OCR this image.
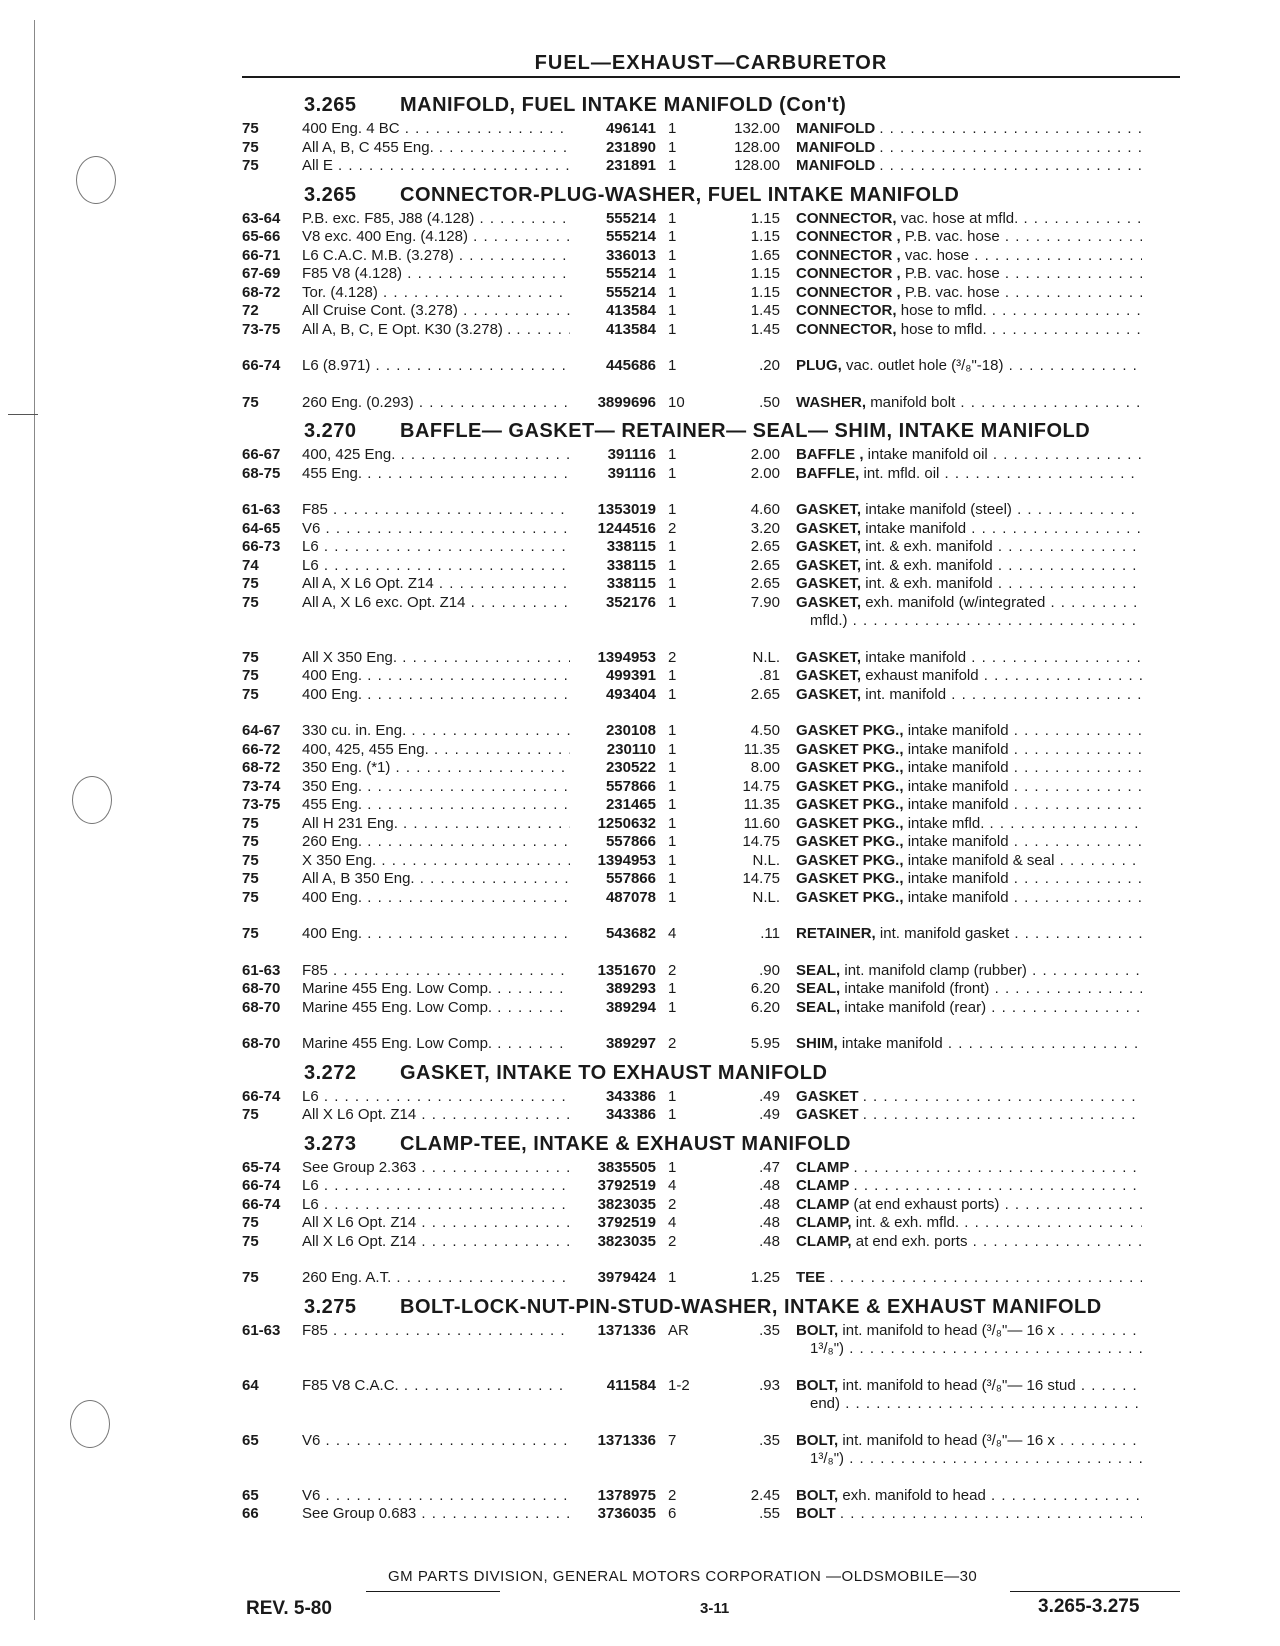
FUEL—EXHAUST—CARBURETOR
3.265 MANIFOLD, FUEL INTAKE MANIFOLD (Con't)
75	400 Eng. 4 BC . . .	496141 1	132.00 MANIFOLD . . .
75	All A, B, C 455 Eng. . . .	231890 1	128.00 MANIFOLD . . .
75	All E . . .	231891 1	128.00 MANIFOLD . . .
3.265 CONNECTOR-PLUG-WASHER, FUEL INTAKE MANIFOLD
63-64	P.B. exc. F85, J88 (4.128) . . .	555214 1	1.15 CONNECTOR, vac. hose at mfld. . . .
65-66	V8 exc. 400 Eng. (4.128) . . .	555214 1	1.15 CONNECTOR , P.B. vac. hose . . .
66-71	L6 C.A.C. M.B. (3.278) . . .	336013 1	1.65 CONNECTOR , vac. hose . . .
67-69	F85 V8 (4.128) . . .	555214 1	1.15 CONNECTOR , P.B. vac. hose . . .
68-72	Tor. (4.128) . . .	555214 1	1.15 CONNECTOR , P.B. vac. hose . . .
72	All Cruise Cont. (3.278) . . .	413584 1	1.45 CONNECTOR, hose to mfld. . . .
73-75	All A, B, C, E Opt. K30 (3.278) . . . .	413584 1	1.45 CONNECTOR, hose to mfld. . . .
66-74	L6 (8.971) . . .	445686 1	.20 PLUG, vac. outlet hole (³/₈"-18) . . .
75	260 Eng. (0.293) . . .	3899696 10	.50 WASHER, manifold bolt . . .
3.270 BAFFLE— GASKET— RETAINER— SEAL— SHIM, INTAKE MANIFOLD
66-67	400, 425 Eng. . . .	391116 1	2.00 BAFFLE , intake manifold oil . . .
68-75	455 Eng. . . .	391116 1	2.00 BAFFLE, int. mfld. oil . . .
61-63	F85 . . .	1353019 1	4.60 GASKET, intake manifold (steel) . . .
64-65	V6 . . .	1244516 2	3.20 GASKET, intake manifold . . .
66-73	L6 . . .	338115 1	2.65 GASKET, int. & exh. manifold . . .
74	L6 . . .	338115 1	2.65 GASKET, int. & exh. manifold . . .
75	All A, X L6 Opt. Z14 . . .	338115 1	2.65 GASKET, int. & exh. manifold . . .
75	All A, X L6 exc. Opt. Z14 . . .	352176 1	7.90 GASKET, exh. manifold (w/integrated . . .
mfld.) . . .
75	All X 350 Eng. . . .	1394953 2	N.L. GASKET, intake manifold . . .
75	400 Eng. . . .	499391 1	.81 GASKET, exhaust manifold . . .
75	400 Eng. . . .	493404 1	2.65 GASKET, int. manifold . . .
64-67	330 cu. in. Eng. . . .	230108 1	4.50 GASKET PKG., intake manifold . . .
66-72	400, 425, 455 Eng. . . .	230110 1	11.35 GASKET PKG., intake manifold . . .
68-72	350 Eng. (*1) . . .	230522 1	8.00 GASKET PKG., intake manifold . . .
73-74	350 Eng. . . .	557866 1	14.75 GASKET PKG., intake manifold . . .
73-75	455 Eng. . . .	231465 1	11.35 GASKET PKG., intake manifold . . .
75	All H 231 Eng. . . .	1250632 1	11.60 GASKET PKG., intake mfld. . . .
75	260 Eng. . . .	557866 1	14.75 GASKET PKG., intake manifold . . .
75	X 350 Eng. . . .	1394953 1	N.L. GASKET PKG., intake manifold & seal . . .
75	All A, B 350 Eng. . . .	557866 1	14.75 GASKET PKG., intake manifold . . .
75	400 Eng. . . .	487078 1	N.L. GASKET PKG., intake manifold . . .
75	400 Eng. . . .	543682 4	.11 RETAINER, int. manifold gasket . . .
61-63	F85 . . .	1351670 2	.90 SEAL, int. manifold clamp (rubber) . . .
68-70	Marine 455 Eng. Low Comp. . . .	389293 1	6.20 SEAL, intake manifold (front) . . .
68-70	Marine 455 Eng. Low Comp. . . .	389294 1	6.20 SEAL, intake manifold (rear) . . .
68-70	Marine 455 Eng. Low Comp. . . .	389297 2	5.95 SHIM, intake manifold . . .
3.272 GASKET, INTAKE TO EXHAUST MANIFOLD
66-74	L6 . . .	343386 1	.49 GASKET . . .
75	All X L6 Opt. Z14 . . .	343386 1	.49 GASKET . . .
3.273 CLAMP-TEE, INTAKE & EXHAUST MANIFOLD
65-74	See Group 2.363 . . .	3835505 1	.47 CLAMP . . .
66-74	L6 . . .	3792519 4	.48 CLAMP . . .
66-74	L6 . . .	3823035 2	.48 CLAMP (at end exhaust ports) . . .
75	All X L6 Opt. Z14 . . .	3792519 4	.48 CLAMP, int. & exh. mfld. . . .
75	All X L6 Opt. Z14 . . .	3823035 2	.48 CLAMP, at end exh. ports . . .
75	260 Eng. A.T. . . .	3979424 1	1.25 TEE . . .
3.275 BOLT-LOCK-NUT-PIN-STUD-WASHER, INTAKE & EXHAUST MANIFOLD
61-63	F85 . . .	1371336 AR	.35 BOLT, int. manifold to head (³/₈"— 16 x . . .
1³/₈") . . .
64	F85 V8 C.A.C. . . .	411584 1-2	.93 BOLT, int. manifold to head (³/₈"— 16 stud . . .
end) . . .
65	V6 . . .	1371336 7	.35 BOLT, int. manifold to head (³/₈"— 16 x . . .
1³/₈") . . .
65	V6 . . .	1378975 2	2.45 BOLT, exh. manifold to head . . .
66	See Group 0.683 . . .	3736035 6	.55 BOLT . . .
GM PARTS DIVISION, GENERAL MOTORS CORPORATION —OLDSMOBILE—30
REV. 5-80	3-11	3.265-3.275
